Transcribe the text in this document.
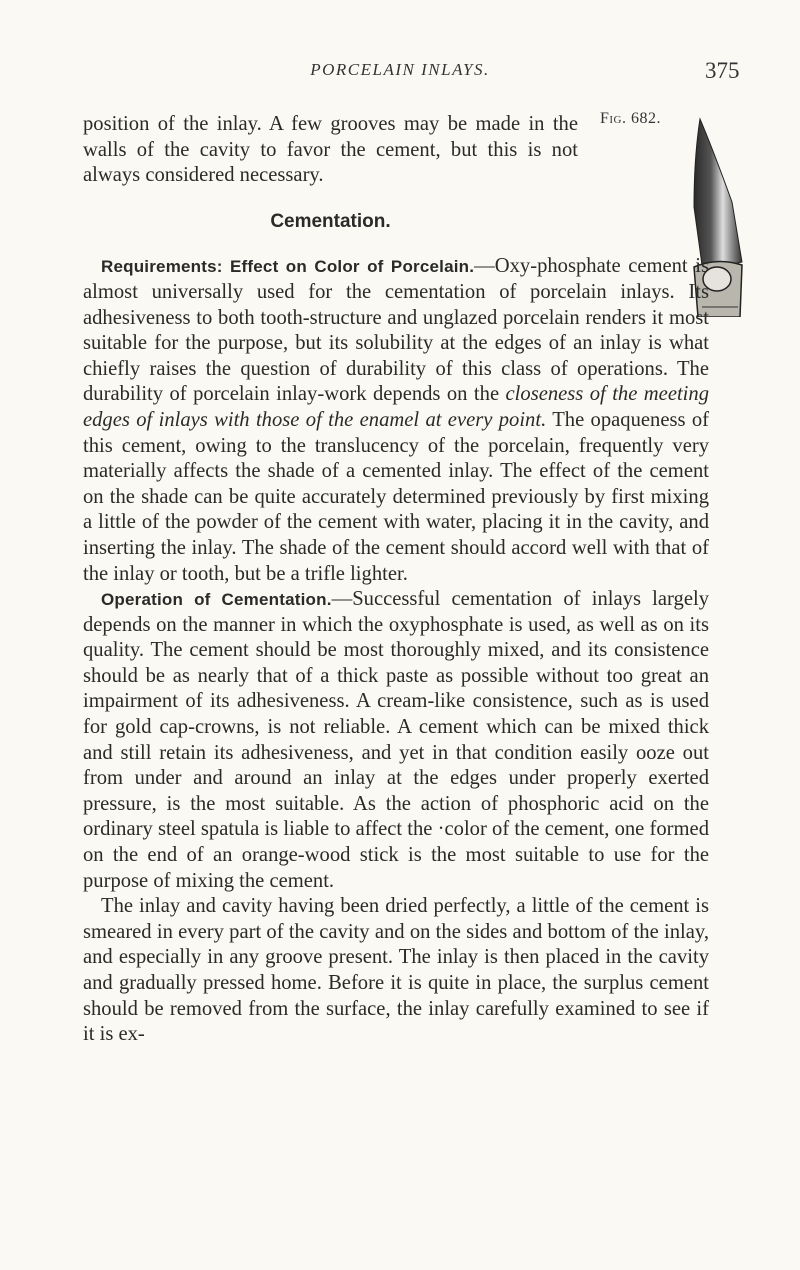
PORCELAIN INLAYS.	375
Fig. 682.

position of the inlay. A few grooves may be made in the walls of the cavity to favor the cement, but this is not always considered necessary.

Cementation.

Requirements: Effect on Color of Porcelain.—Oxy-phosphate cement is almost universally used for the cementation of porcelain inlays. Its adhesiveness to both tooth-structure and unglazed porcelain renders it most suitable for the purpose, but its solubility at the edges of an inlay is what chiefly raises the question of durability of this class of operations. The durability of porcelain inlay-work depends on the closeness of the meeting edges of inlays with those of the enamel at every point. The opaqueness of this cement, owing to the translucency of the porcelain, frequently very materially affects the shade of a cemented inlay. The effect of the cement on the shade can be quite accurately determined previously by first mixing a little of the powder of the cement with water, placing it in the cavity, and inserting the inlay. The shade of the cement should accord well with that of the inlay or tooth, but be a trifle lighter.

Operation of Cementation.—Successful cementation of inlays largely depends on the manner in which the oxyphosphate is used, as well as on its quality. The cement should be most thoroughly mixed, and its consistence should be as nearly that of a thick paste as possible without too great an impairment of its adhesiveness. A cream-like consistence, such as is used for gold cap-crowns, is not reliable. A cement which can be mixed thick and still retain its adhesiveness, and yet in that condition easily ooze out from under and around an inlay at the edges under properly exerted pressure, is the most suitable. As the action of phosphoric acid on the ordinary steel spatula is liable to affect the ·color of the cement, one formed on the end of an orange-wood stick is the most suitable to use for the purpose of mixing the cement.

The inlay and cavity having been dried perfectly, a little of the cement is smeared in every part of the cavity and on the sides and bottom of the inlay, and especially in any groove present. The inlay is then placed in the cavity and gradually pressed home. Before it is quite in place, the surplus cement should be removed from the surface, the inlay carefully examined to see if it is ex-
